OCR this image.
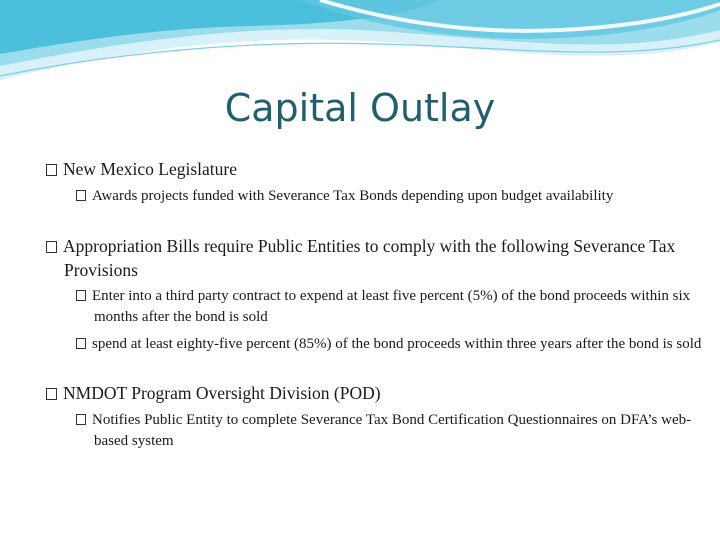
Capital Outlay
New Mexico Legislature
Awards projects funded with Severance Tax Bonds depending upon budget availability
Appropriation Bills require Public Entities to comply with the following Severance Tax Provisions
Enter into a third party contract to expend at least five percent (5%) of the bond proceeds within six months after the bond is sold
spend at least eighty-five percent (85%) of the bond proceeds within three years after the bond is sold
NMDOT Program Oversight Division (POD)
Notifies Public Entity to complete Severance Tax Bond Certification Questionnaires on DFA’s web-based system
